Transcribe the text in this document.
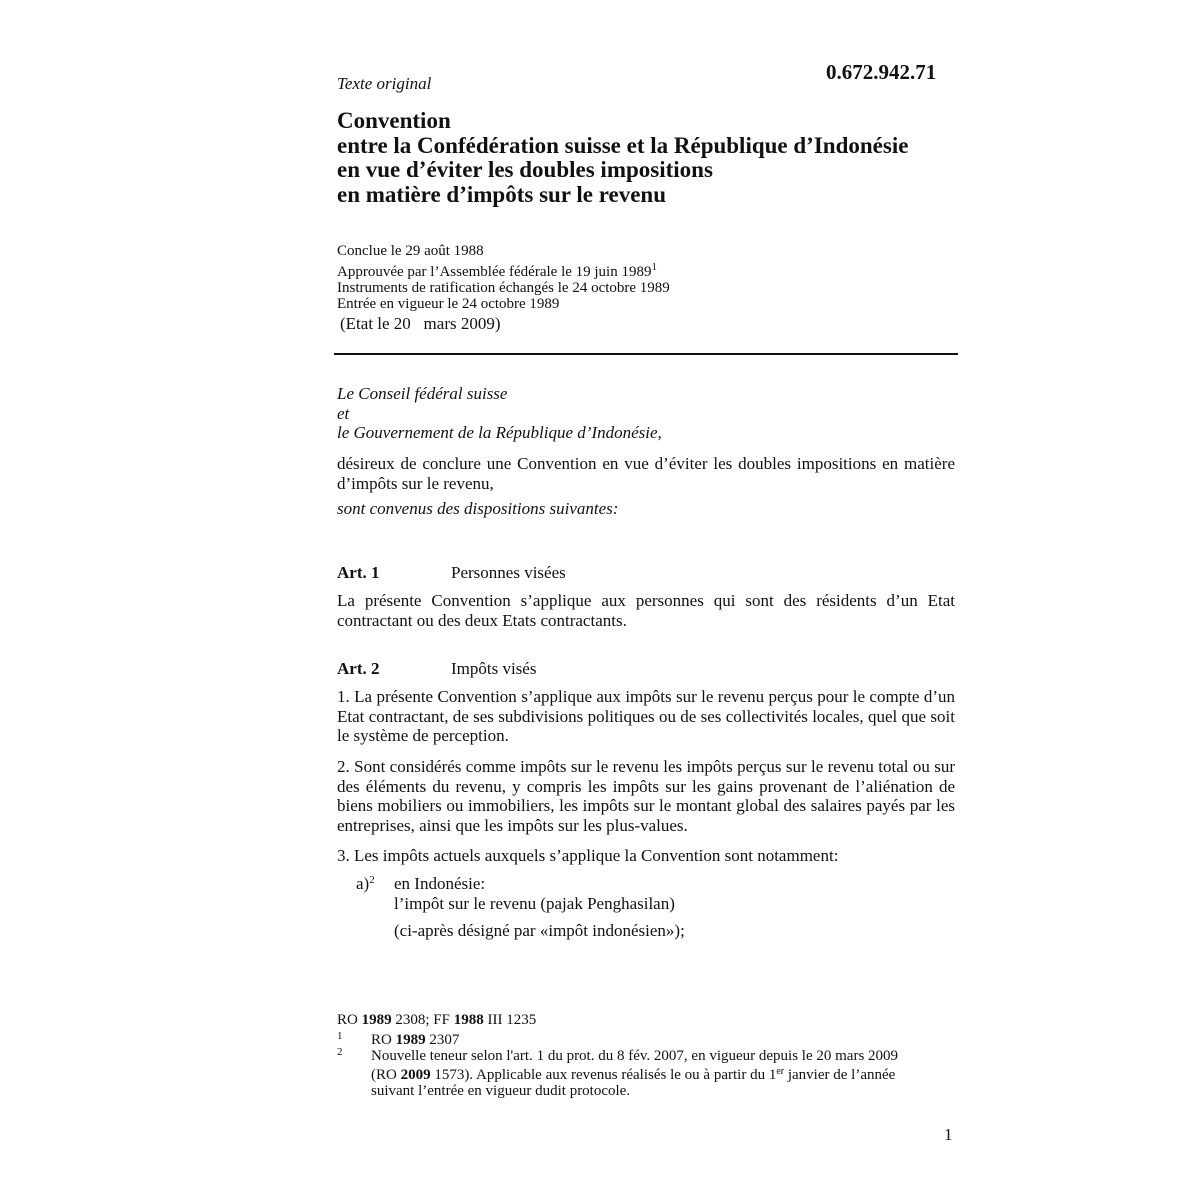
0.672.942.71
Texte original
Convention
entre la Confédération suisse et la République d’Indonésie
en vue d’éviter les doubles impositions
en matière d’impôts sur le revenu
Conclue le 29 août 1988
Approuvée par l’Assemblée fédérale le 19 juin 1989$^1$
Instruments de ratification échangés le 24 octobre 1989
Entrée en vigueur le 24 octobre 1989
(Etat le 20   mars 2009)
Le Conseil fédéral suisse
et
le Gouvernement de la République d’Indonésie,
désireux de conclure une Convention en vue d’éviter les doubles impositions en matière d’impôts sur le revenu,
sont convenus des dispositions suivantes:
Art. 1	Personnes visées
La présente Convention s’applique aux personnes qui sont des résidents d’un Etat contractant ou des deux Etats contractants.
Art. 2	Impôts visés
1. La présente Convention s’applique aux impôts sur le revenu perçus pour le compte d’un Etat contractant, de ses subdivisions politiques ou de ses collectivités locales, quel que soit le système de perception.
2. Sont considérés comme impôts sur le revenu les impôts perçus sur le revenu total ou sur des éléments du revenu, y compris les impôts sur les gains provenant de l’aliénation de biens mobiliers ou immobiliers, les impôts sur le montant global des salaires payés par les entreprises, ainsi que les impôts sur les plus-values.
3. Les impôts actuels auxquels s’applique la Convention sont notamment:
a)$^2$ en Indonésie:
l’impôt sur le revenu (pajak Penghasilan)
(ci-après désigné par «impôt indonésien»);
RO 1989 2308; FF 1988 III 1235
1 RO 1989 2307
2 Nouvelle teneur selon l'art. 1 du prot. du 8 fév. 2007, en vigueur depuis le 20 mars 2009
(RO 2009 1573). Applicable aux revenus réalisés le ou à partir du 1er janvier de l’année
suivant l’entrée en vigueur dudit protocole.
1
